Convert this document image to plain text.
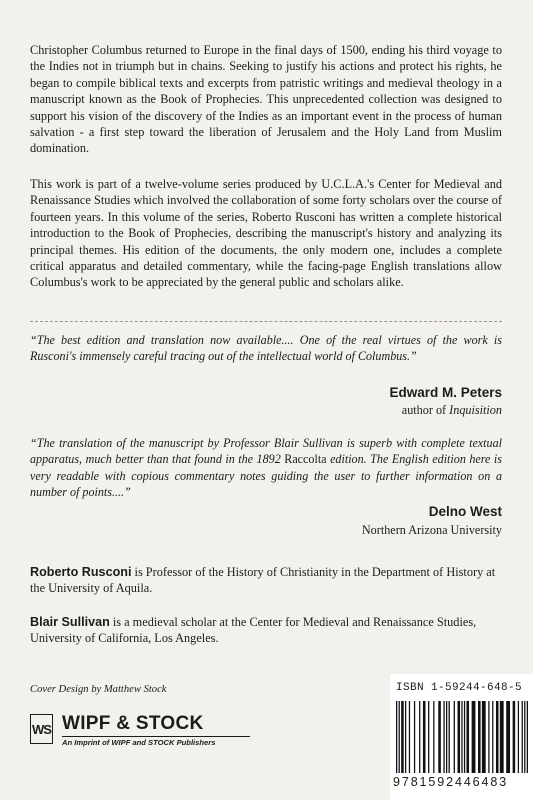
Christopher Columbus returned to Europe in the final days of 1500, ending his third voyage to the Indies not in triumph but in chains. Seeking to justify his actions and protect his rights, he began to compile biblical texts and excerpts from patristic writings and medieval theology in a manuscript known as the Book of Prophecies. This unprecedented collection was designed to support his vision of the discovery of the Indies as an important event in the process of human salvation - a first step toward the liberation of Jerusalem and the Holy Land from Muslim domination.

This work is part of a twelve-volume series produced by U.C.L.A.'s Center for Medieval and Renaissance Studies which involved the collaboration of some forty scholars over the course of fourteen years. In this volume of the series, Roberto Rusconi has written a complete historical introduction to the Book of Prophecies, describing the manuscript's history and analyzing its principal themes. His edition of the documents, the only modern one, includes a complete critical apparatus and detailed commentary, while the facing-page English translations allow Columbus's work to be appreciated by the general public and scholars alike.

“The best edition and translation now available.... One of the real virtues of the work is Rusconi's immensely careful tracing out of the intellectual world of Columbus.”

Edward M. Peters
author of Inquisition

“The translation of the manuscript by Professor Blair Sullivan is superb with complete textual apparatus, much better than that found in the 1892 Raccolta edition. The English edition here is very readable with copious commentary notes guiding the user to further information on a number of points....”

Delno West
Northern Arizona University

Roberto Rusconi is Professor of the History of Christianity in the Department of History at the University of Aquila.

Blair Sullivan is a medieval scholar at the Center for Medieval and Renaissance Studies, University of California, Los Angeles.

Cover Design by Matthew Stock
WS WIPF & STOCK
An Imprint of WIPF and STOCK Publishers
ISBN 1-59244-648-5
9781592446483
